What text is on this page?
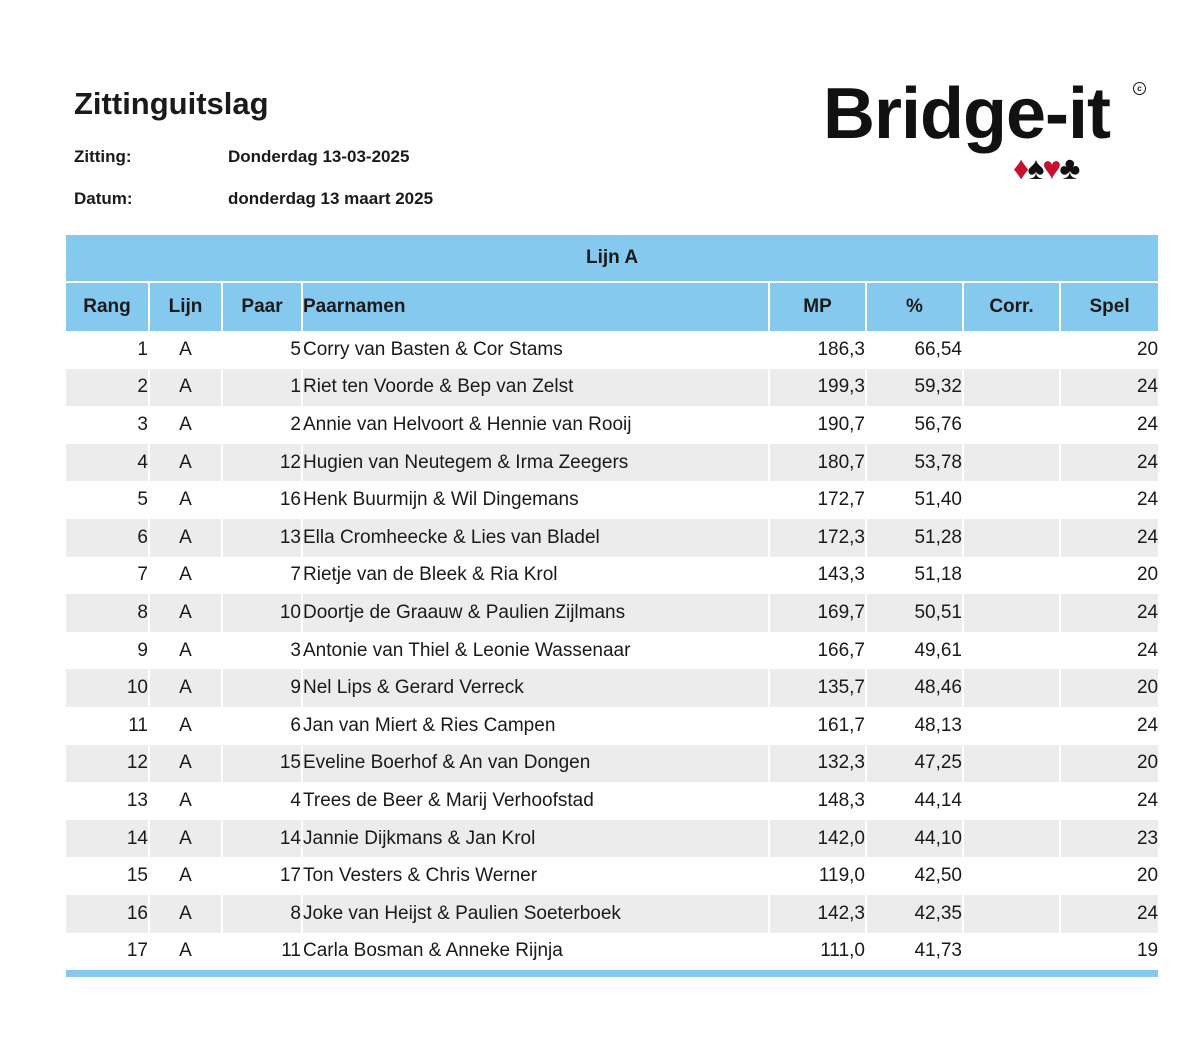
Zittinguitslag
Zitting:	Donderdag 13-03-2025
Datum:	donderdag 13 maart 2025
Bridge-it	c
♦♠♥♣
Lijn A							
Rang	Lijn	Paar	Paarnamen	MP	%	Corr.	Spel
1	A	5	Corry van Basten & Cor Stams	186,3	66,54		20
2	A	1	Riet ten Voorde & Bep van Zelst	199,3	59,32		24
3	A	2	Annie van Helvoort & Hennie van Rooij	190,7	56,76		24
4	A	12	Hugien van Neutegem & Irma Zeegers	180,7	53,78		24
5	A	16	Henk Buurmijn & Wil Dingemans	172,7	51,40		24
6	A	13	Ella Cromheecke & Lies van Bladel	172,3	51,28		24
7	A	7	Rietje van de Bleek & Ria Krol	143,3	51,18		20
8	A	10	Doortje de Graauw & Paulien Zijlmans	169,7	50,51		24
9	A	3	Antonie van Thiel & Leonie Wassenaar	166,7	49,61		24
10	A	9	Nel Lips & Gerard Verreck	135,7	48,46		20
11	A	6	Jan van Miert & Ries Campen	161,7	48,13		24
12	A	15	Eveline Boerhof & An van Dongen	132,3	47,25		20
13	A	4	Trees de Beer & Marij Verhoofstad	148,3	44,14		24
14	A	14	Jannie Dijkmans & Jan Krol	142,0	44,10		23
15	A	17	Ton Vesters & Chris Werner	119,0	42,50		20
16	A	8	Joke van Heijst & Paulien Soeterboek	142,3	42,35		24
17	A	11	Carla Bosman & Anneke Rijnja	111,0	41,73		19
